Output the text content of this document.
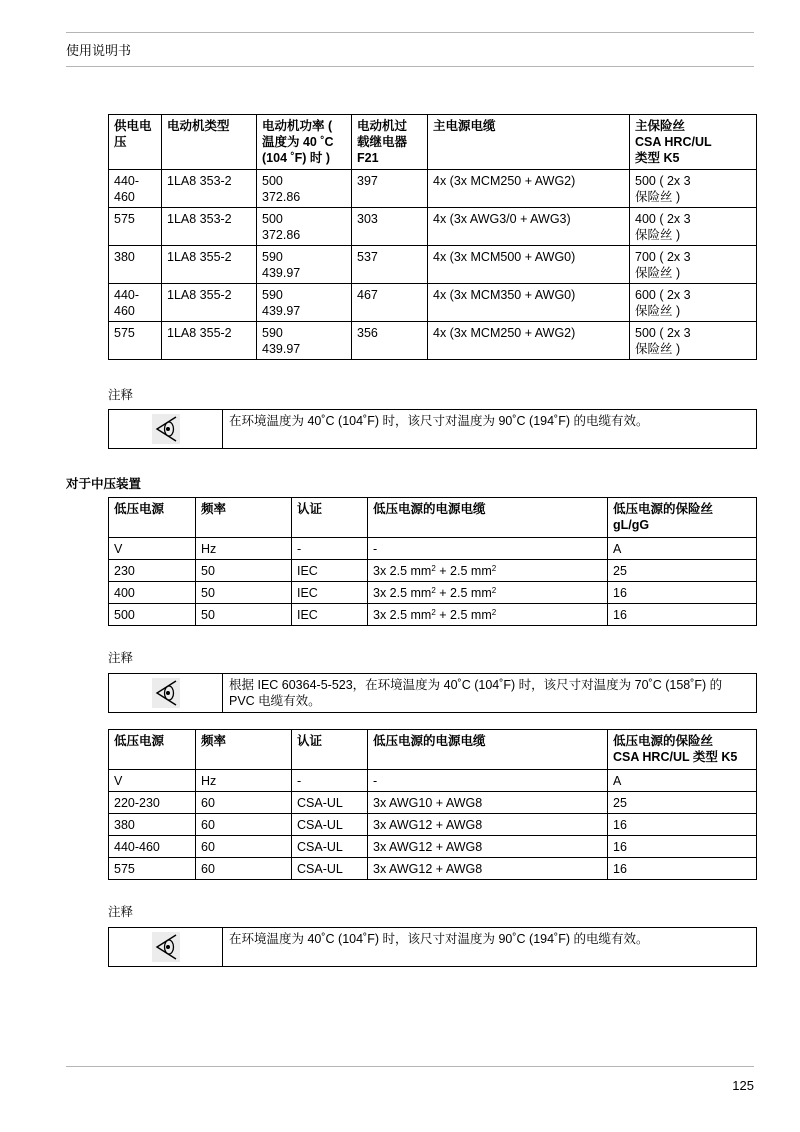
使用说明书
供电电
压	电动机类型	电动机功率 (
温度为 40 ˚C
(104 ˚F) 时 )	电动机过
载继电器
F21	主电源电缆	主保险丝
CSA HRC/UL
类型 K5

440-
460	1LA8 353-2	500
372.86	397	4x (3x MCM250 + AWG2)	500 ( 2x 3
保险丝 )

575	1LA8 353-2	500
372.86	303	4x (3x AWG3/0 + AWG3)	400 ( 2x 3
保险丝 )

380	1LA8 355-2	590
439.97	537	4x (3x MCM500 + AWG0)	700 ( 2x 3
保险丝 )

440-
460	1LA8 355-2	590
439.97	467	4x (3x MCM350 + AWG0)	600 ( 2x 3
保险丝 )

575	1LA8 355-2	590
439.97	356	4x (3x MCM250 + AWG2)	500 ( 2x 3
保险丝 )
注释
在环境温度为 40˚C (104˚F) 时，该尺寸对温度为 90˚C (194˚F) 的电缆有效。
对于中压装置
低压电源	频率	认证	低压电源的电源电缆	低压电源的保险丝
gL/gG
V	Hz	-	-	A
230	50	IEC	3x 2.5 $mm^2 + 2.5$ $mm^2$	25
400	50	IEC	3x 2.5 $mm^2 + 2.5$ $mm^2$	16
500	50	IEC	3x 2.5 $mm^2 + 2.5$ $mm^2$	16
注释
根据 IEC 60364-5-523，在环境温度为 40˚C (104˚F) 时，该尺寸对温度为 70˚C (158˚F) 的 PVC 电缆有效。
低压电源	频率	认证	低压电源的电源电缆	低压电源的保险丝
CSA HRC/UL 类型 K5
V	Hz	-	-	A
220-230	60	CSA-UL	3x AWG10 + AWG8	25
380	60	CSA-UL	3x AWG12 + AWG8	16
440-460	60	CSA-UL	3x AWG12 + AWG8	16
575	60	CSA-UL	3x AWG12 + AWG8	16
注释
在环境温度为 40˚C (104˚F) 时，该尺寸对温度为 90˚C (194˚F) 的电缆有效。
125
